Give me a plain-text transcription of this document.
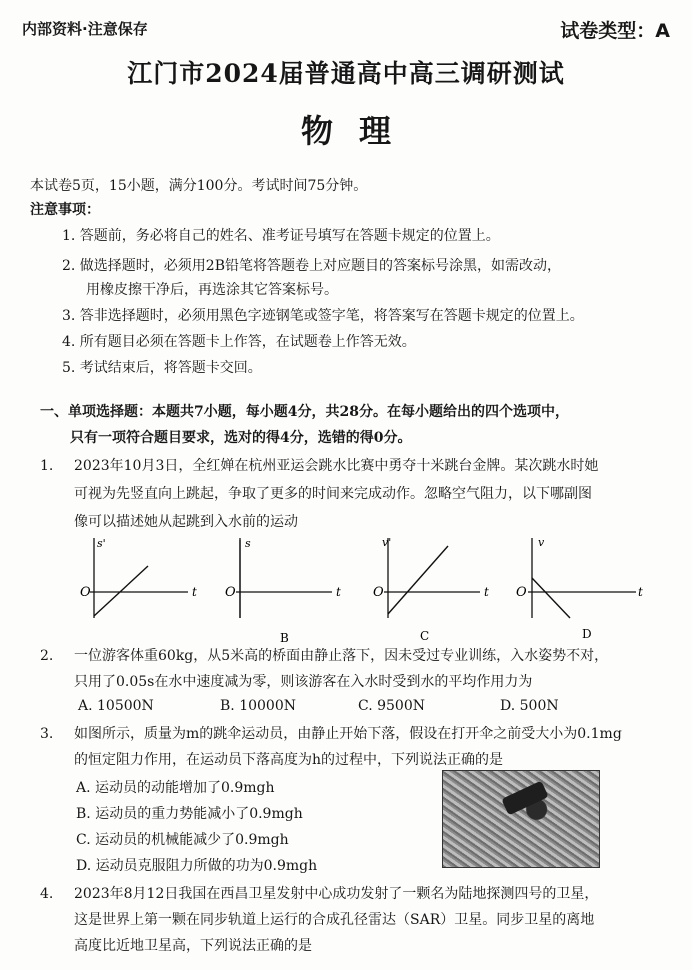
内部资料·注意保存	试卷类型：A
江门市2024届普通高中高三调研测试
物理
本试卷5页，15小题，满分100分。考试时间75分钟。
注意事项：
1. 答题前，务必将自己的姓名、准考证号填写在答题卡规定的位置上。
2. 做选择题时，必须用2B铅笔将答题卷上对应题目的答案标号涂黑，如需改动，
用橡皮擦干净后，再选涂其它答案标号。
3. 答非选择题时，必须用黑色字迹钢笔或签字笔，将答案写在答题卡规定的位置上。
4. 所有题目必须在答题卡上作答，在试题卷上作答无效。
5. 考试结束后，将答题卡交回。
一、单项选择题：本题共7小题，每小题4分，共28分。在每小题给出的四个选项中，
只有一项符合题目要求，选对的得4分，选错的得0分。
1. 2023年10月3日，全红婵在杭州亚运会跳水比赛中勇夺十米跳台金牌。某次跳水时她
可视为先竖直向上跳起，争取了更多的时间来完成动作。忽略空气阻力，以下哪副图
像可以描述她从起跳到入水前的运动
s'
t
O
s
t
O
B
v'
t
O
C
v
t
O
D
2. 一位游客体重60kg，从5米高的桥面由静止落下，因未受过专业训练，入水姿势不对，
只用了0.05s在水中速度减为零，则该游客在入水时受到水的平均作用力为
A. 10500N	B. 10000N	C. 9500N	D. 500N
3. 如图所示，质量为m的跳伞运动员，由静止开始下落，假设在打开伞之前受大小为0.1mg
的恒定阻力作用，在运动员下落高度为h的过程中，下列说法正确的是
A. 运动员的动能增加了0.9mgh
B. 运动员的重力势能减小了0.9mgh
C. 运动员的机械能减少了0.9mgh
D. 运动员克服阻力所做的功为0.9mgh
4. 2023年8月12日我国在西昌卫星发射中心成功发射了一颗名为陆地探测四号的卫星，
这是世界上第一颗在同步轨道上运行的合成孔径雷达（SAR）卫星。同步卫星的离地
高度比近地卫星高，下列说法正确的是
